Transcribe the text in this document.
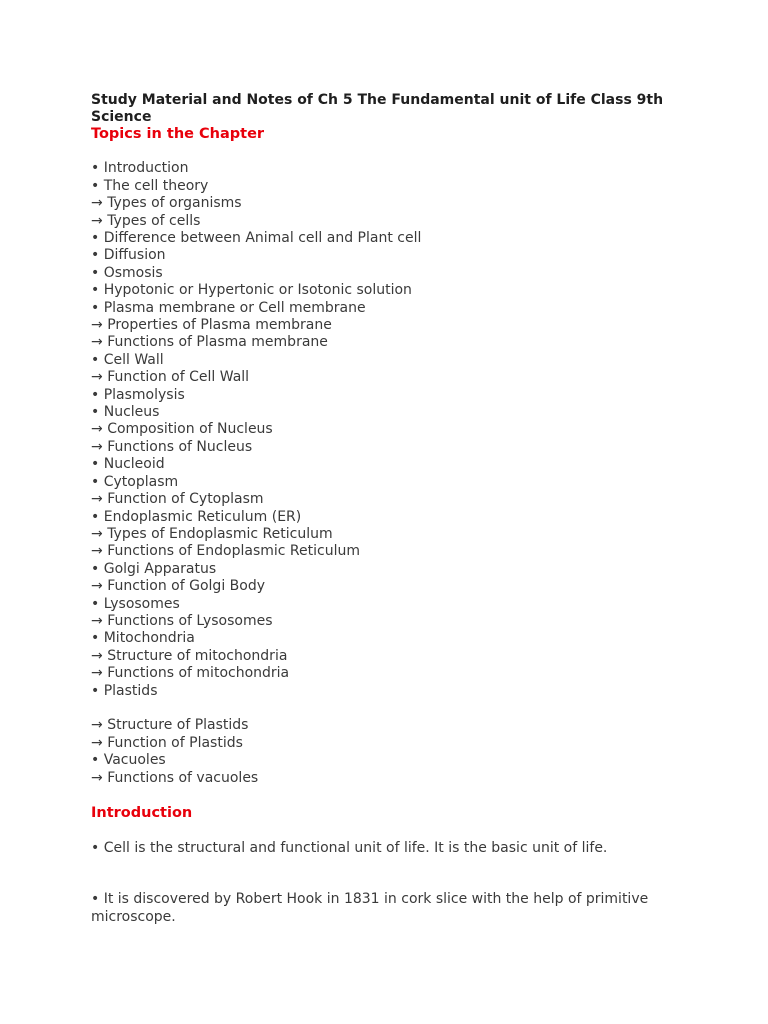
Study Material and Notes of Ch 5 The Fundamental unit of Life Class 9th Science
Topics in the Chapter
• Introduction
• The cell theory
→ Types of organisms
→ Types of cells
• Difference between Animal cell and Plant cell
• Diffusion
• Osmosis
• Hypotonic or Hypertonic or Isotonic solution
• Plasma membrane or Cell membrane
→ Properties of Plasma membrane
→ Functions of Plasma membrane
• Cell Wall
→ Function of Cell Wall
• Plasmolysis
• Nucleus
→ Composition of Nucleus
→ Functions of Nucleus
• Nucleoid
• Cytoplasm
→ Function of Cytoplasm
• Endoplasmic Reticulum (ER)
→ Types of Endoplasmic Reticulum
→ Functions of Endoplasmic Reticulum
• Golgi Apparatus
→ Function of Golgi Body
• Lysosomes
→ Functions of Lysosomes
• Mitochondria
→ Structure of mitochondria
→ Functions of mitochondria
• Plastids
→ Structure of Plastids
→ Function of Plastids
• Vacuoles
→ Functions of vacuoles
Introduction

• Cell is the structural and functional unit of life. It is the basic unit of life.

• It is discovered by Robert Hook in 1831 in cork slice with the help of primitive microscope.
